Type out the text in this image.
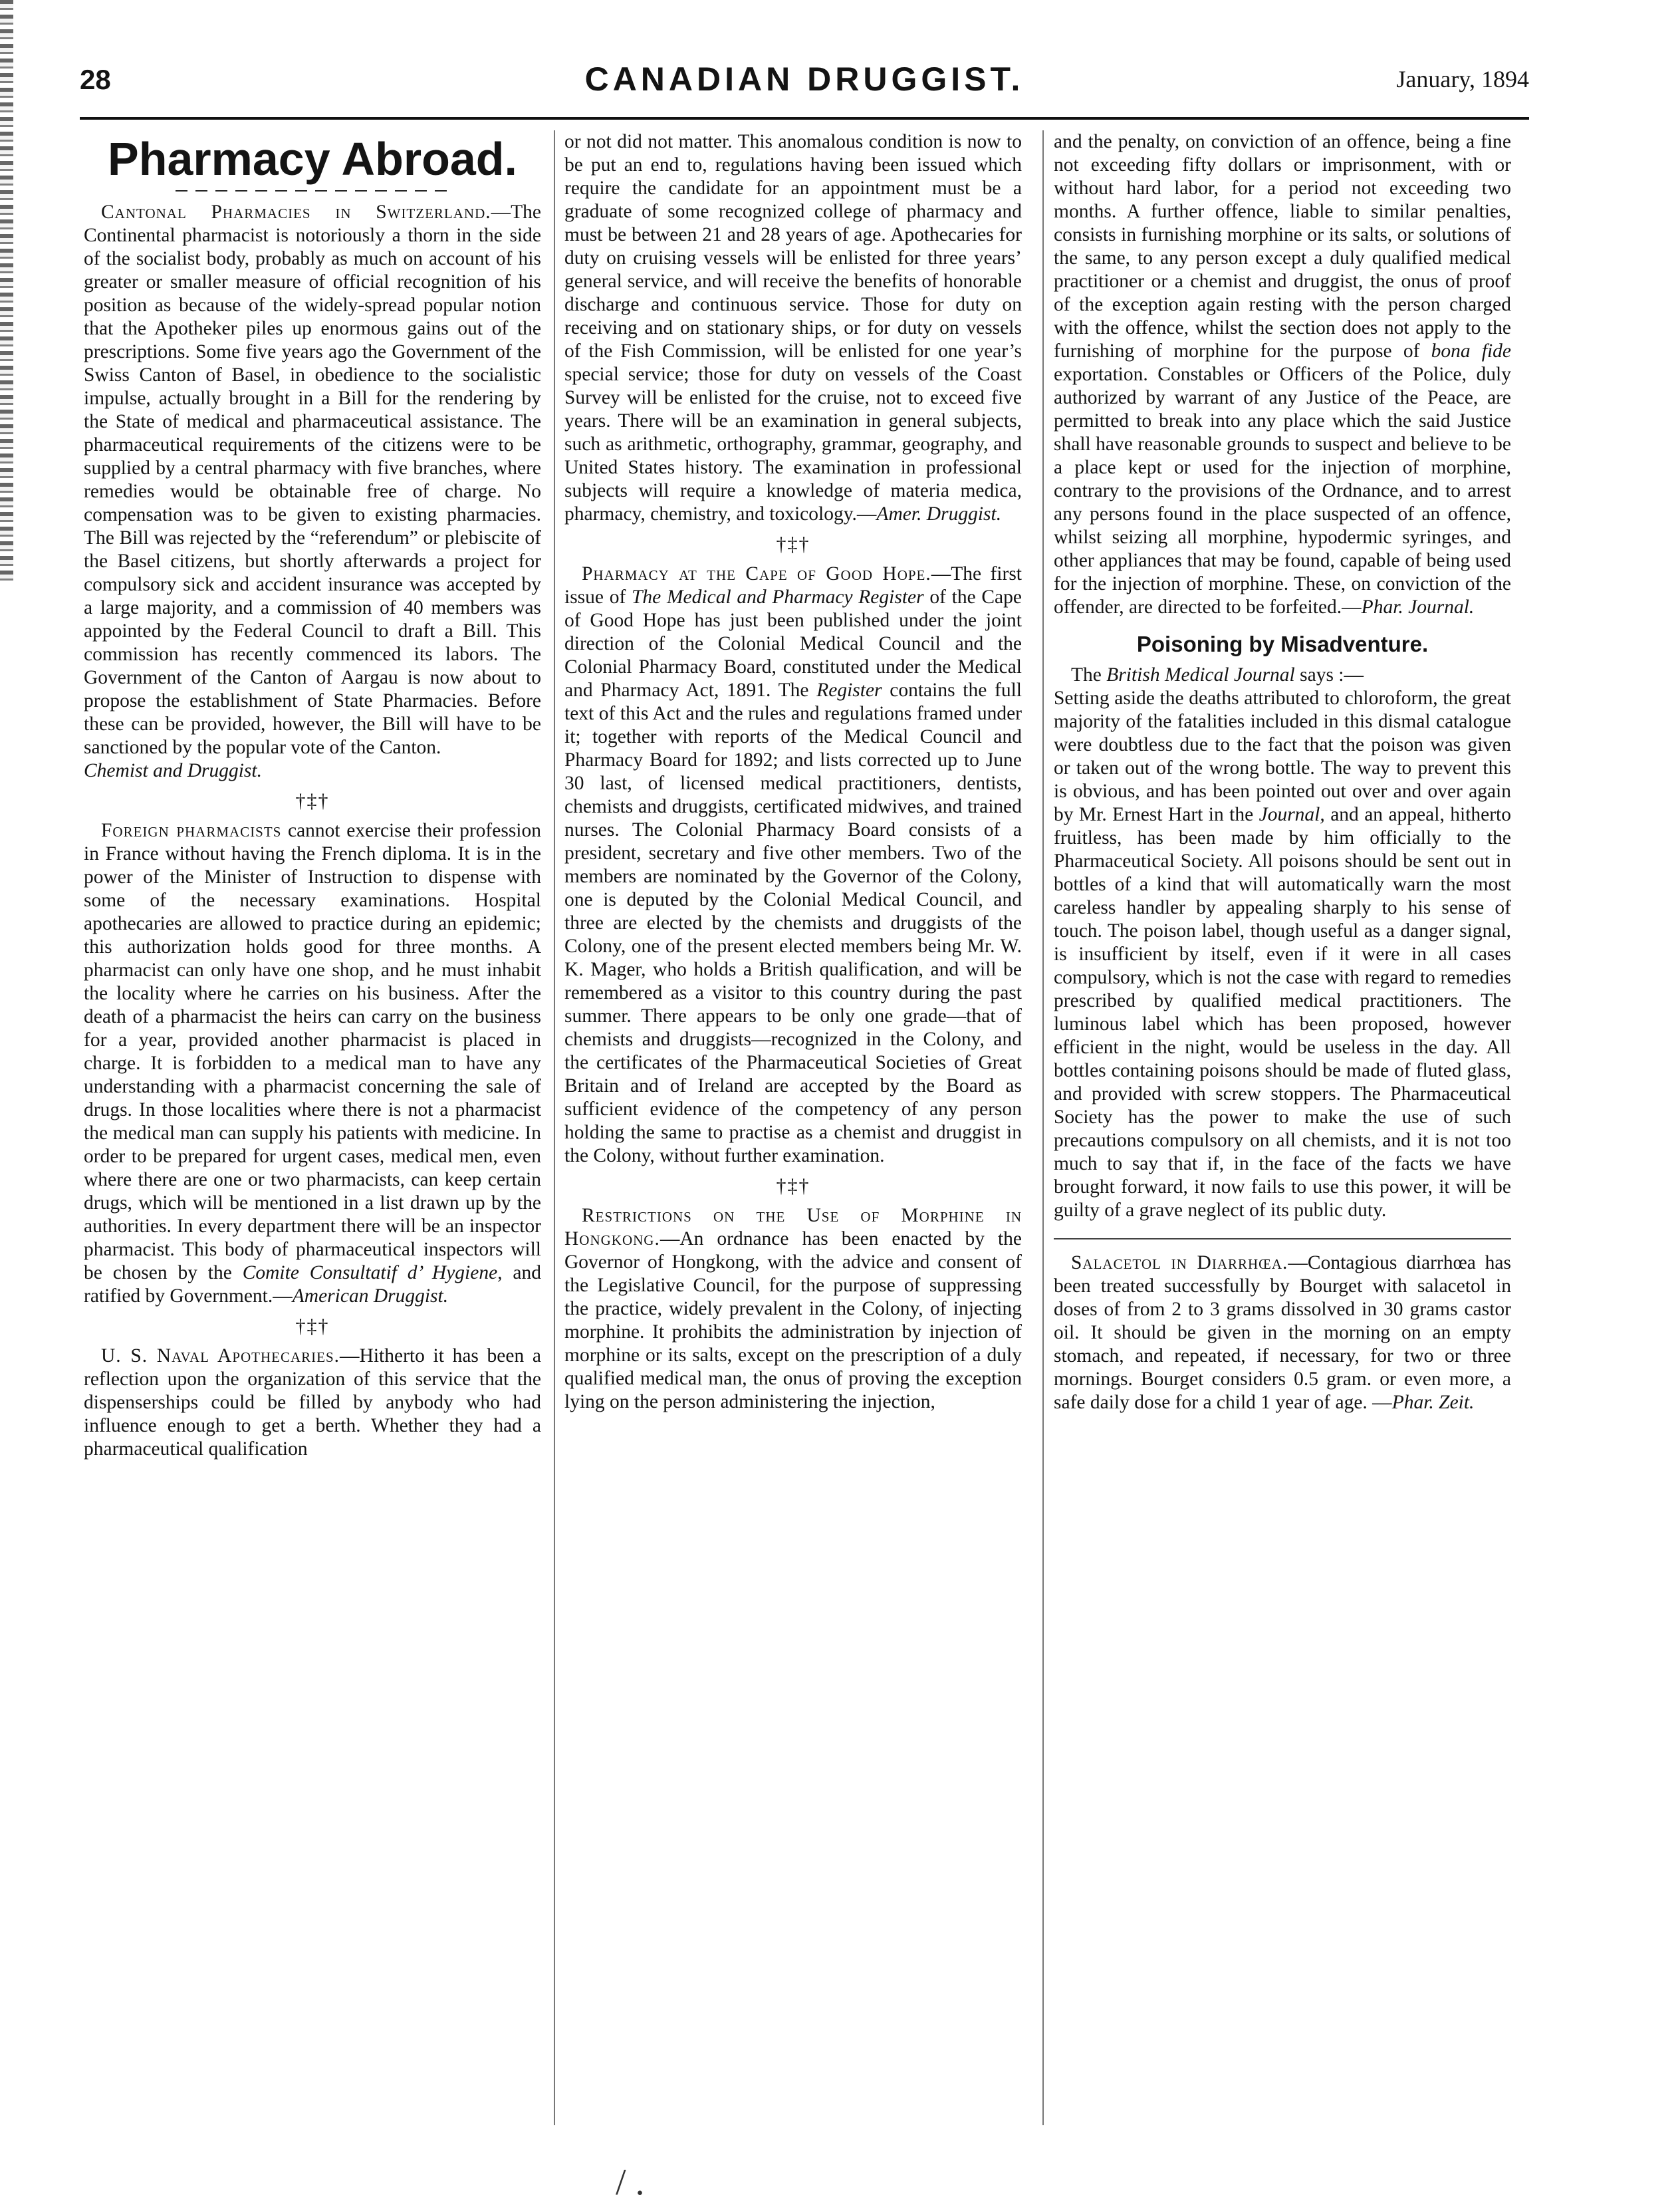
28	CANADIAN DRUGGIST.	January, 1894
Pharmacy Abroad.

Cantonal Pharmacies in Switzerland.—The Continental pharmacist is notoriously a thorn in the side of the socialist body, probably as much on account of his greater or smaller measure of official recognition of his position as because of the widely-spread popular notion that the Apotheker piles up enormous gains out of the prescriptions. Some five years ago the Government of the Swiss Canton of Basel, in obedience to the socialistic impulse, actually brought in a Bill for the rendering by the State of medical and pharmaceutical assistance. The pharmaceutical requirements of the citizens were to be supplied by a central pharmacy with five branches, where remedies would be obtainable free of charge. No compensation was to be given to existing pharmacies. The Bill was rejected by the “referendum” or plebiscite of the Basel citizens, but shortly afterwards a project for compulsory sick and accident insurance was accepted by a large majority, and a commission of 40 members was appointed by the Federal Council to draft a Bill. This commission has recently commenced its labors. The Government of the Canton of Aargau is now about to propose the establishment of State Pharmacies. Before these can be provided, however, the Bill will have to be sanctioned by the popular vote of the Canton.
Chemist and Druggist.

†‡†

Foreign pharmacists cannot exercise their profession in France without having the French diploma. It is in the power of the Minister of Instruction to dispense with some of the necessary examinations. Hospital apothecaries are allowed to practice during an epidemic; this authorization holds good for three months. A pharmacist can only have one shop, and he must inhabit the locality where he carries on his business. After the death of a pharmacist the heirs can carry on the business for a year, provided another pharmacist is placed in charge. It is forbidden to a medical man to have any understanding with a pharmacist concerning the sale of drugs. In those localities where there is not a pharmacist the medical man can supply his patients with medicine. In order to be prepared for urgent cases, medical men, even where there are one or two pharmacists, can keep certain drugs, which will be mentioned in a list drawn up by the authorities. In every department there will be an inspector pharmacist. This body of pharmaceutical inspectors will be chosen by the Comite Consultatif d’ Hygiene, and ratified by Government.—American Druggist.

†‡†

U. S. Naval Apothecaries.—Hitherto it has been a reflection upon the organization of this service that the dispenserships could be filled by anybody who had influence enough to get a berth. Whether they had a pharmaceutical qualification

or not did not matter. This anomalous condition is now to be put an end to, regulations having been issued which require the candidate for an appointment must be a graduate of some recognized college of pharmacy and must be between 21 and 28 years of age. Apothecaries for duty on cruising vessels will be enlisted for three years’ general service, and will receive the benefits of honorable discharge and continuous service. Those for duty on receiving and on stationary ships, or for duty on vessels of the Fish Commission, will be enlisted for one year’s special service; those for duty on vessels of the Coast Survey will be enlisted for the cruise, not to exceed five years. There will be an examination in general subjects, such as arithmetic, orthography, grammar, geography, and United States history. The examination in professional subjects will require a knowledge of materia medica, pharmacy, chemistry, and toxicology.—Amer. Druggist.

†‡†

Pharmacy at the Cape of Good Hope.—The first issue of The Medical and Pharmacy Register of the Cape of Good Hope has just been published under the joint direction of the Colonial Medical Council and the Colonial Pharmacy Board, constituted under the Medical and Pharmacy Act, 1891. The Register contains the full text of this Act and the rules and regulations framed under it; together with reports of the Medical Council and Pharmacy Board for 1892; and lists corrected up to June 30 last, of licensed medical practitioners, dentists, chemists and druggists, certificated midwives, and trained nurses. The Colonial Pharmacy Board consists of a president, secretary and five other members. Two of the members are nominated by the Governor of the Colony, one is deputed by the Colonial Medical Council, and three are elected by the chemists and druggists of the Colony, one of the present elected members being Mr. W. K. Mager, who holds a British qualification, and will be remembered as a visitor to this country during the past summer. There appears to be only one grade—that of chemists and druggists—recognized in the Colony, and the certificates of the Pharmaceutical Societies of Great Britain and of Ireland are accepted by the Board as sufficient evidence of the competency of any person holding the same to practise as a chemist and druggist in the Colony, without further examination.

†‡†

Restrictions on the Use of Morphine in Hongkong.—An ordnance has been enacted by the Governor of Hongkong, with the advice and consent of the Legislative Council, for the purpose of suppressing the practice, widely prevalent in the Colony, of injecting morphine. It prohibits the administration by injection of morphine or its salts, except on the prescription of a duly qualified medical man, the onus of proving the exception lying on the person administering the injection,

and the penalty, on conviction of an offence, being a fine not exceeding fifty dollars or imprisonment, with or without hard labor, for a period not exceeding two months. A further offence, liable to similar penalties, consists in furnishing morphine or its salts, or solutions of the same, to any person except a duly qualified medical practitioner or a chemist and druggist, the onus of proof of the exception again resting with the person charged with the offence, whilst the section does not apply to the furnishing of morphine for the purpose of bona fide exportation. Constables or Officers of the Police, duly authorized by warrant of any Justice of the Peace, are permitted to break into any place which the said Justice shall have reasonable grounds to suspect and believe to be a place kept or used for the injection of morphine, contrary to the provisions of the Ordnance, and to arrest any persons found in the place suspected of an offence, whilst seizing all morphine, hypodermic syringes, and other appliances that may be found, capable of being used for the injection of morphine. These, on conviction of the offender, are directed to be forfeited.—Phar. Journal.

Poisoning by Misadventure.

The British Medical Journal says :—

Setting aside the deaths attributed to chloroform, the great majority of the fatalities included in this dismal catalogue were doubtless due to the fact that the poison was given or taken out of the wrong bottle. The way to prevent this is obvious, and has been pointed out over and over again by Mr. Ernest Hart in the Journal, and an appeal, hitherto fruitless, has been made by him officially to the Pharmaceutical Society. All poisons should be sent out in bottles of a kind that will automatically warn the most careless handler by appealing sharply to his sense of touch. The poison label, though useful as a danger signal, is insufficient by itself, even if it were in all cases compulsory, which is not the case with regard to remedies prescribed by qualified medical practitioners. The luminous label which has been proposed, however efficient in the night, would be useless in the day. All bottles containing poisons should be made of fluted glass, and provided with screw stoppers. The Pharmaceutical Society has the power to make the use of such precautions compulsory on all chemists, and it is not too much to say that if, in the face of the facts we have brought forward, it now fails to use this power, it will be guilty of a grave neglect of its public duty.

Salacetol in Diarrhœa.—Contagious diarrhœa has been treated successfully by Bourget with salacetol in doses of from 2 to 3 grams dissolved in 30 grams castor oil. It should be given in the morning on an empty stomach, and repeated, if necessary, for two or three mornings. Bourget considers 0.5 gram. or even more, a safe daily dose for a child 1 year of age. —Phar. Zeit.

/ .
